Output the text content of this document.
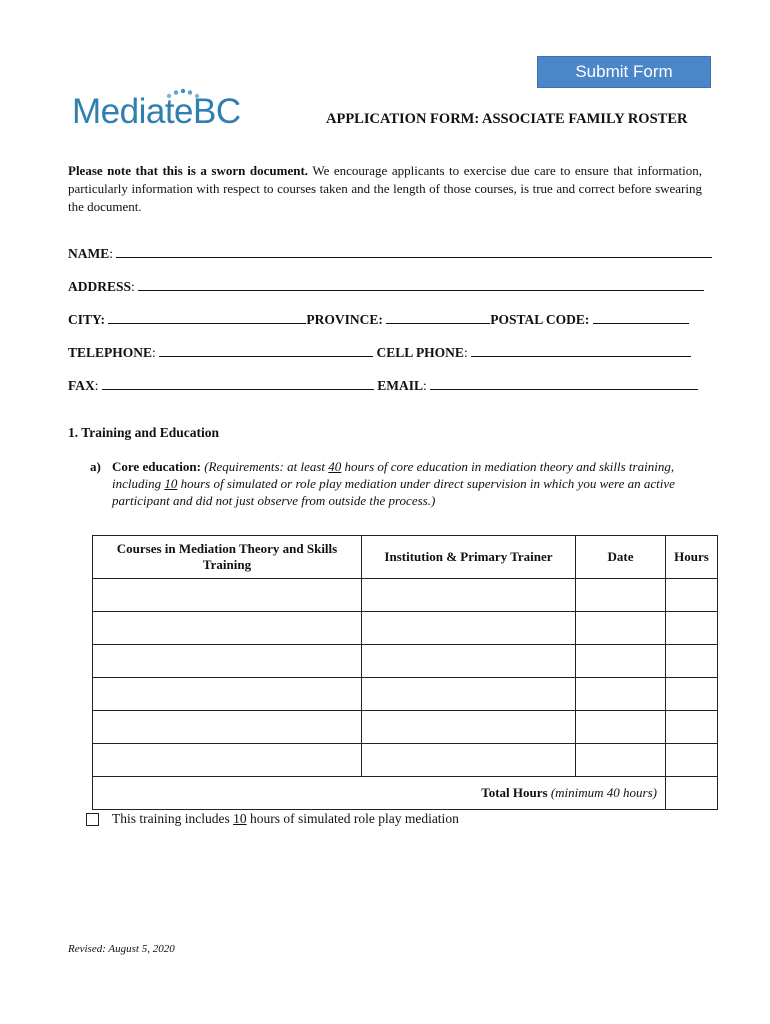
Submit Form
MediateBC	APPLICATION FORM: ASSOCIATE FAMILY ROSTER
Please note that this is a sworn document. We encourage applicants to exercise due care to ensure that information, particularly information with respect to courses taken and the length of those courses, is true and correct before swearing the document.
NAME:
ADDRESS:
CITY:	PROVINCE:	POSTAL CODE:
TELEPHONE:	CELL PHONE:
FAX:	EMAIL:
1. Training and Education
a) Core education: (Requirements: at least 40 hours of core education in mediation theory and skills training, including 10 hours of simulated or role play mediation under direct supervision in which you were an active participant and did not just observe from outside the process.)
Courses in Mediation Theory and Skills Training	Institution & Primary Trainer	Date	Hours

Total Hours (minimum 40 hours)			
This training includes 10 hours of simulated role play mediation
Revised: August 5, 2020
